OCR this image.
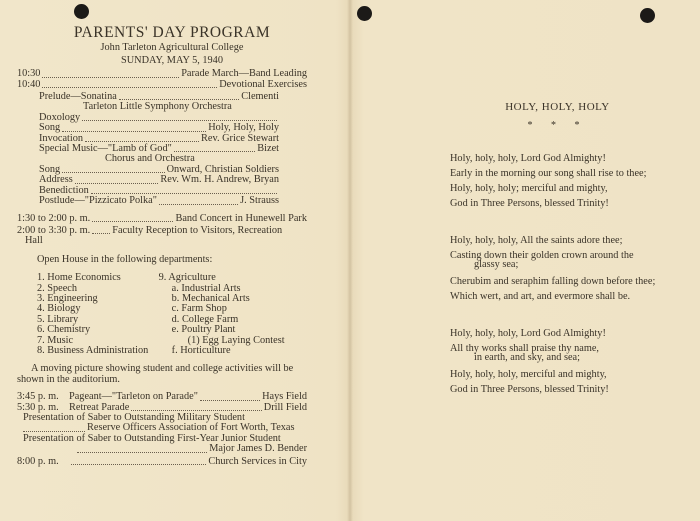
PARENTS' DAY PROGRAM
John Tarleton Agricultural College
SUNDAY, MAY 5, 1940
10:30	Parade March—Band Leading
10:40	Devotional Exercises
Prelude—Sonatina	Clementi
Tarleton Little Symphony Orchestra
Doxology
Song	Holy, Holy, Holy
Invocation	Rev. Grice Stewart
Special Music—"Lamb of God"	Bizet
Chorus and Orchestra
Song	Onward, Christian Soldiers
Address	Rev. Wm. H. Andrew, Bryan
Benediction
Postlude—"Pizzicato Polka"	J. Strauss
1:30 to 2:00 p. m.	Band Concert in Hunewell Park
2:00 to 3:30 p. m. Faculty Reception to Visitors, Recreation
Hall
Open House in the following departments:
1. Home Economics
2. Speech
3. Engineering
4. Biology
5. Library
6. Chemistry
7. Music
8. Business Administration
9. Agriculture
a. Industrial Arts
b. Mechanical Arts
c. Farm Shop
d. College Farm
e. Poultry Plant
(1) Egg Laying Contest
f. Horticulture
A moving picture showing student and college activities will be shown in the auditorium.
3:45 p. m. Pageant—"Tarleton on Parade"	Hays Field
5:30 p. m. Retreat Parade	Drill Field
Presentation of Saber to Outstanding Military Student
Reserve Officers Association of Fort Worth, Texas
Presentation of Saber to Outstanding First-Year Junior Student
Major James D. Bender
8:00 p. m.	Church Services in City
HOLY, HOLY, HOLY
* * *
Holy, holy, holy, Lord God Almighty!
Early in the morning our song shall rise to thee;
Holy, holy, holy; merciful and mighty,
God in Three Persons, blessed Trinity!
Holy, holy, holy, All the saints adore thee;
Casting down their golden crown around the
glassy sea;
Cherubim and seraphim falling down before thee;
Which wert, and art, and evermore shall be.
Holy, holy, holy, Lord God Almighty!
All thy works shall praise thy name,
in earth, and sky, and sea;
Holy, holy, holy, merciful and mighty,
God in Three Persons, blessed Trinity!
